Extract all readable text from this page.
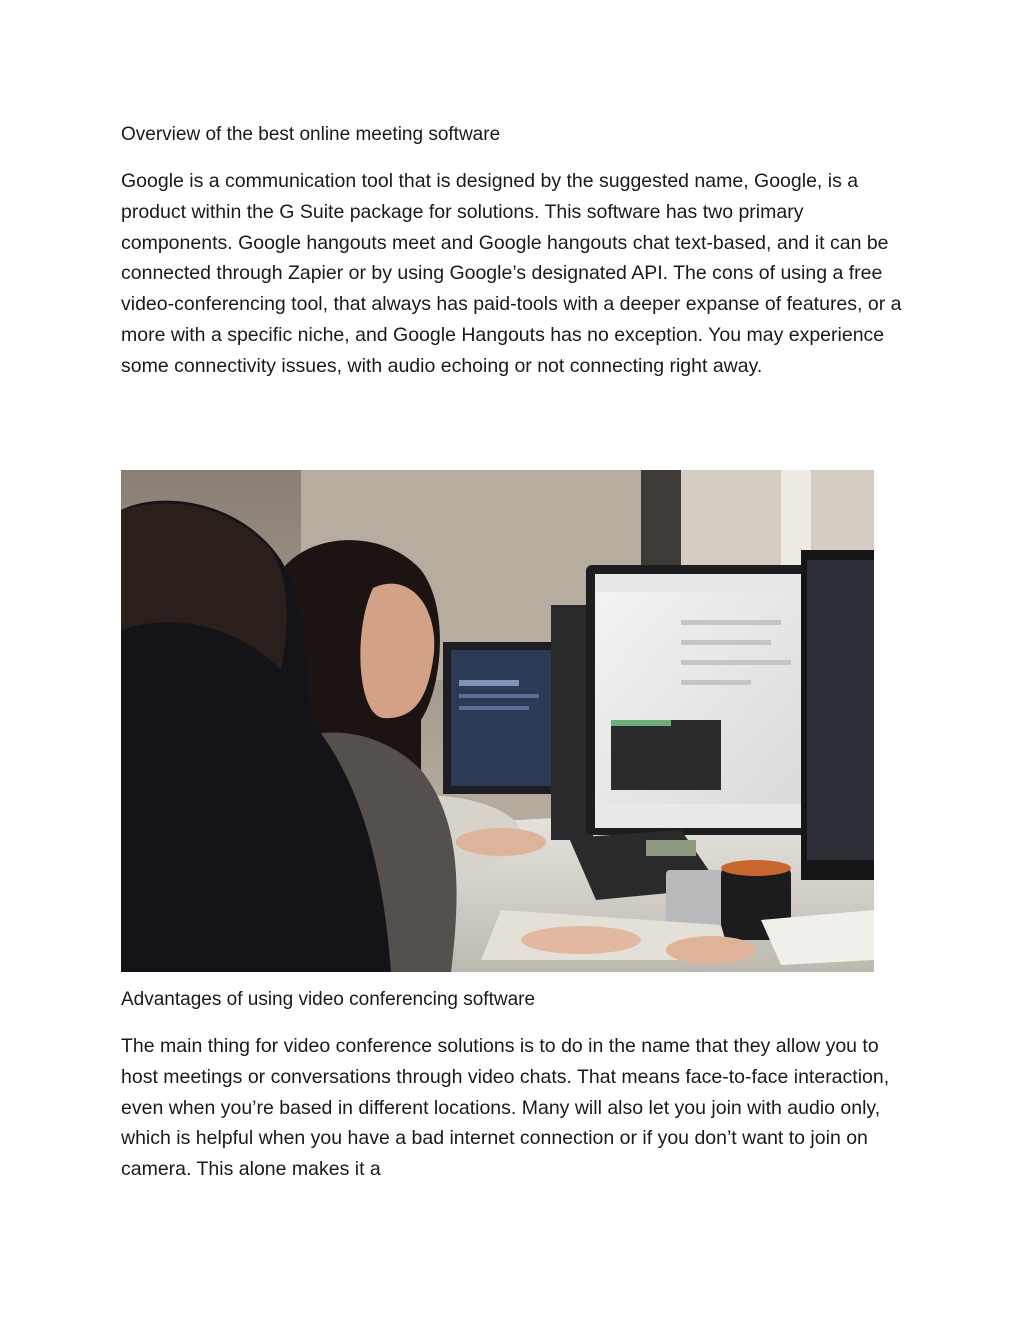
Overview of the best online meeting software

Google is a communication tool that is designed by the suggested name, Google, is a product within the G Suite package for solutions. This software has two primary components. Google hangouts meet and Google hangouts chat text-based, and it can be connected through Zapier or by using Google’s designated API. The cons of using a free video-conferencing tool, that always has paid-tools with a deeper expanse of features, or a more with a specific niche, and Google Hangouts has no exception. You may experience some connectivity issues, with audio echoing or not connecting right away.

Advantages of using video conferencing software

The main thing for video conference solutions is to do in the name that they allow you to host meetings or conversations through video chats. That means face-to-face interaction, even when you’re based in different locations. Many will also let you join with audio only, which is helpful when you have a bad internet connection or if you don’t want to join on camera. This alone makes it a
